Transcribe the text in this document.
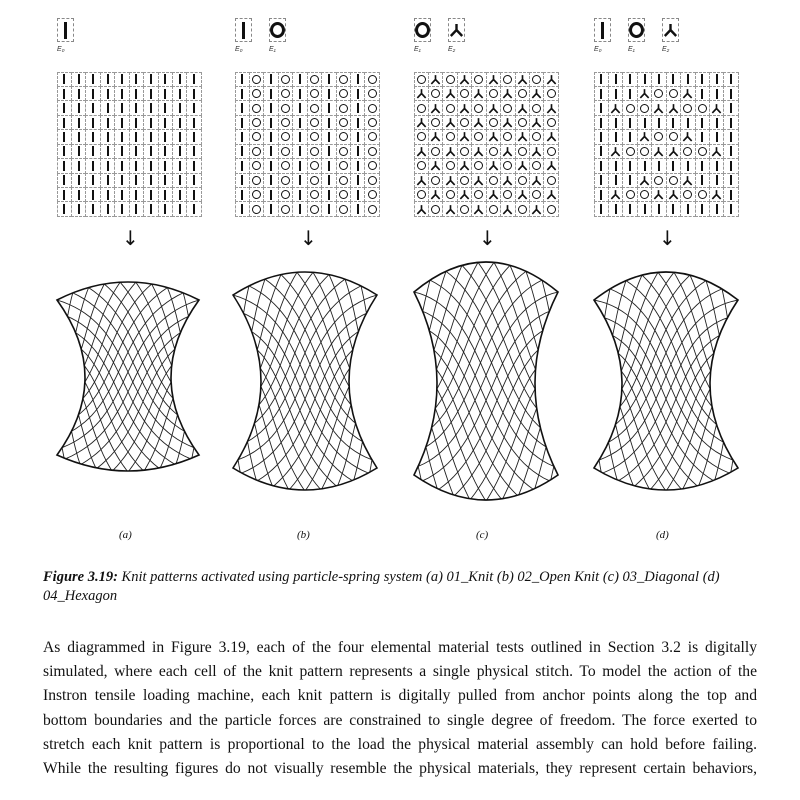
E₀
↓
(a)
E₀	E₁
↓
(b)
E₁	E₂
↓
(c)
E₀	E₁	E₂
↓
(d)
Figure 3.19: Knit patterns activated using particle-spring system (a) 01_Knit (b) 02_Open Knit (c) 03_Diagonal (d) 04_Hexagon
As diagrammed in Figure 3.19, each of the four elemental material tests outlined in Section 3.2 is digitally
simulated, where each cell of the knit pattern represents a single physical stitch. To model the action of the
Instron tensile loading machine, each knit pattern is digitally pulled from anchor points along the top and
bottom boundaries and the particle forces are constrained to single degree of freedom. The force exerted to
stretch each knit pattern is proportional to the load the physical material assembly can hold before failing.
While the resulting figures do not visually resemble the physical materials, they represent certain behaviors,
